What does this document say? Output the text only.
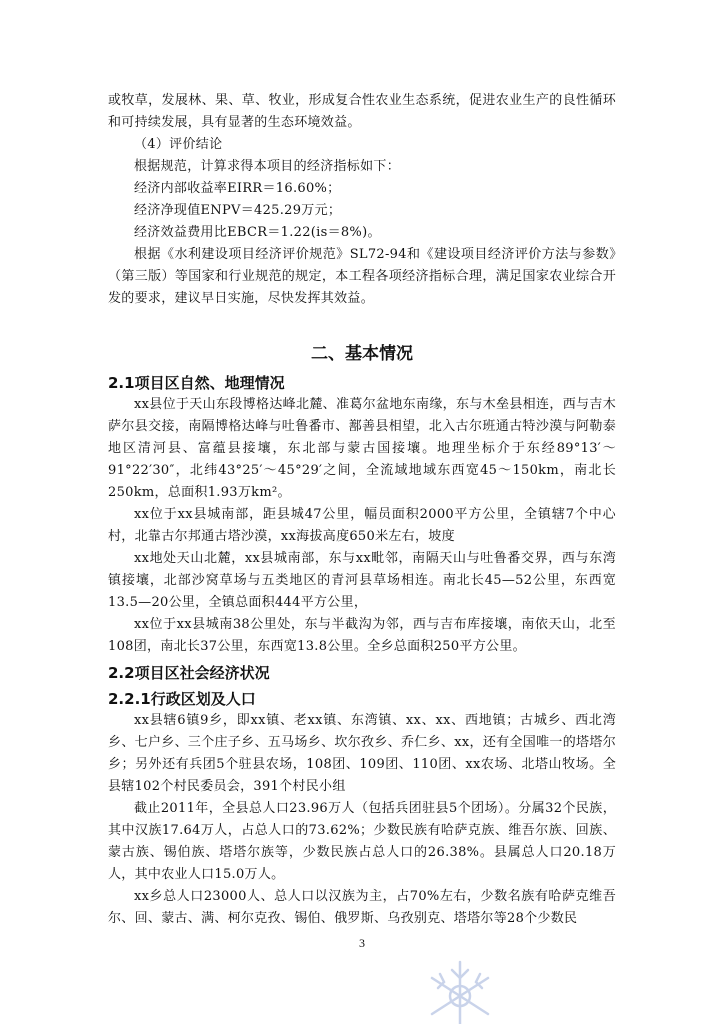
或牧草，发展林、果、草、牧业，形成复合性农业生态系统，促进农业生产的良性循环和可持续发展，具有显著的生态环境效益。

（4）评价结论

根据规范，计算求得本项目的经济指标如下：

经济内部收益率EIRR＝16.60%；

经济净现值ENPV＝425.29万元；

经济效益费用比EBCR＝1.22(is＝8%)。

根据《水利建设项目经济评价规范》SL72-94和《建设项目经济评价方法与参数》（第三版）等国家和行业规范的规定，本工程各项经济指标合理，满足国家农业综合开发的要求，建议早日实施，尽快发挥其效益。

二、基本情况

2.1项目区自然、地理情况

xx县位于天山东段博格达峰北麓、准葛尔盆地东南缘，东与木垒县相连，西与吉木萨尔县交接，南隔博格达峰与吐鲁番市、鄯善县相望，北入古尔班通古特沙漠与阿勒泰地区清河县、富蕴县接壤，东北部与蒙古国接壤。地理坐标介于东经89°13′～91°22′30″，北纬43°25′～45°29′之间，全流域地域东西宽45～150km，南北长250km，总面积1.93万km²。

xx位于xx县城南部，距县城47公里，幅员面积2000平方公里，全镇辖7个中心村，北靠古尔邦通古塔沙漠，xx海拔高度650米左右，坡度

xx地处天山北麓，xx县城南部，东与xx毗邻，南隔天山与吐鲁番交界，西与东湾镇接壤，北部沙窝草场与五类地区的青河县草场相连。南北长45—52公里，东西宽13.5—20公里，全镇总面积444平方公里，

xx位于xx县城南38公里处，东与半截沟为邻，西与吉布库接壤，南依天山，北至108团，南北长37公里，东西宽13.8公里。全乡总面积250平方公里。

2.2项目区社会经济状况

2.2.1行政区划及人口

xx县辖6镇9乡，即xx镇、老xx镇、东湾镇、xx、xx、西地镇；古城乡、西北湾乡、七户乡、三个庄子乡、五马场乡、坎尔孜乡、乔仁乡、xx，还有全国唯一的塔塔尔乡；另外还有兵团5个驻县农场，108团、109团、110团、xx农场、北塔山牧场。全县辖102个村民委员会，391个村民小组

截止2011年，全县总人口23.96万人（包括兵团驻县5个团场）。分属32个民族，其中汉族17.64万人，占总人口的73.62%；少数民族有哈萨克族、维吾尔族、回族、蒙古族、锡伯族、塔塔尔族等，少数民族占总人口的26.38%。县属总人口20.18万人，其中农业人口15.0万人。

xx乡总人口23000人、总人口以汉族为主，占70%左右，少数名族有哈萨克维吾尔、回、蒙古、满、柯尔克孜、锡伯、俄罗斯、乌孜别克、塔塔尔等28个少数民

3
